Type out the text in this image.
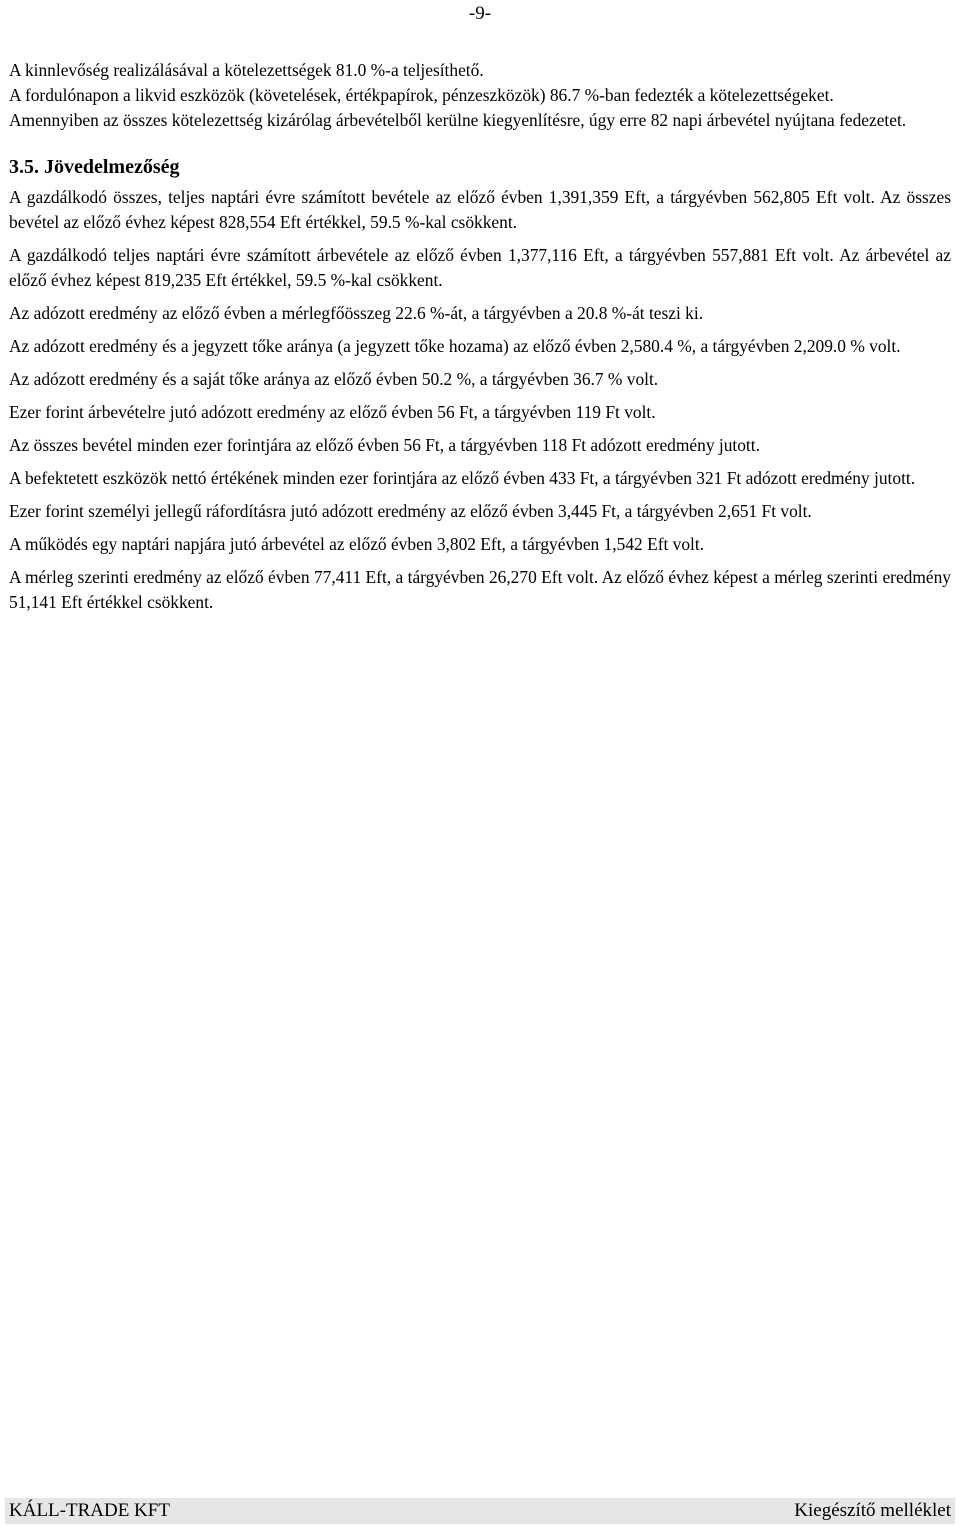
-9-

A kinnlevőség realizálásával a kötelezettségek 81.0 %-a teljesíthető.

A fordulónapon a likvid eszközök (követelések, értékpapírok, pénzeszközök) 86.7 %-ban fedezték a kötelezettségeket.

Amennyiben az összes kötelezettség kizárólag árbevételből kerülne kiegyenlítésre, úgy erre 82 napi árbevétel nyújtana fedezetet.

3.5. Jövedelmezőség

A gazdálkodó összes, teljes naptári évre számított bevétele az előző évben 1,391,359 Eft, a tárgyévben 562,805 Eft volt. Az összes bevétel az előző évhez képest 828,554 Eft értékkel, 59.5 %-kal csökkent.

A gazdálkodó teljes naptári évre számított árbevétele az előző évben 1,377,116 Eft, a tárgyévben 557,881 Eft volt. Az árbevétel az előző évhez képest 819,235 Eft értékkel, 59.5 %-kal csökkent.

Az adózott eredmény az előző évben a mérlegfőösszeg 22.6 %-át, a tárgyévben a 20.8 %-át teszi ki.

Az adózott eredmény és a jegyzett tőke aránya (a jegyzett tőke hozama) az előző évben 2,580.4 %, a tárgyévben 2,209.0 % volt.

Az adózott eredmény és a saját tőke aránya az előző évben 50.2 %, a tárgyévben 36.7 % volt.

Ezer forint árbevételre jutó adózott eredmény az előző évben 56 Ft, a tárgyévben 119 Ft volt.

Az összes bevétel minden ezer forintjára az előző évben 56 Ft, a tárgyévben 118 Ft adózott eredmény jutott.

A befektetett eszközök nettó értékének minden ezer forintjára az előző évben 433 Ft, a tárgyévben 321 Ft adózott eredmény jutott.

Ezer forint személyi jellegű ráfordításra jutó adózott eredmény az előző évben 3,445 Ft, a tárgyévben 2,651 Ft volt.

A működés egy naptári napjára jutó árbevétel az előző évben 3,802 Eft, a tárgyévben 1,542 Eft volt.

A mérleg szerinti eredmény az előző évben 77,411 Eft, a tárgyévben 26,270 Eft volt. Az előző évhez képest a mérleg szerinti eredmény 51,141 Eft értékkel csökkent.

KÁLL-TRADE KFT	Kiegészítő melléklet
